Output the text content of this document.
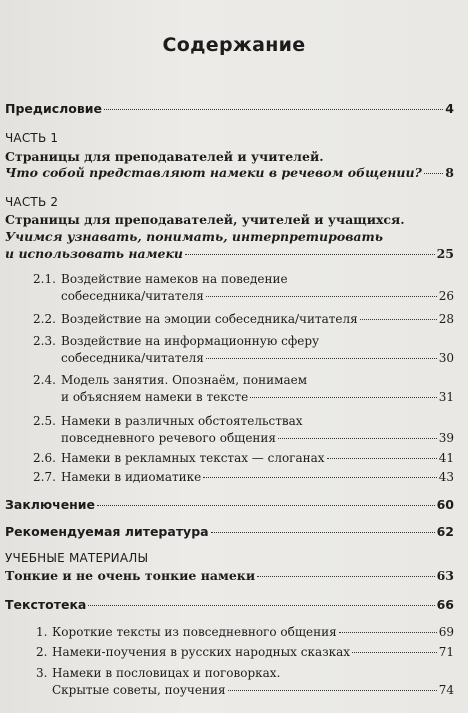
Содержание
Предисловие	4
ЧАСТЬ 1
Страницы для преподавателей и учителей.
Что собой представляют намеки в речевом общении? 8
ЧАСТЬ 2
Страницы для преподавателей, учителей и учащихся.
Учимся узнавать, понимать, интерпретировать
и использовать намеки	25
2.1. Воздействие намеков на поведение
собеседника/читателя	26
2.2. Воздействие на эмоции собеседника/читателя	28
2.3. Воздействие на информационную сферу
собеседника/читателя	30
2.4. Модель занятия. Опознаём, понимаем
и объясняем намеки в тексте	31
2.5. Намеки в различных обстоятельствах
повседневного речевого общения	39
2.6. Намеки в рекламных текстах — слоганах	41
2.7. Намеки в идиоматике	43
Заключение	60
Рекомендуемая литература	62
УЧЕБНЫЕ МАТЕРИАЛЫ
Тонкие и не очень тонкие намеки	63
Текстотека	66
1. Короткие тексты из повседневного общения	69
2. Намеки-поучения в русских народных сказках	71
3. Намеки в пословицах и поговорках.
Скрытые советы, поучения	74
